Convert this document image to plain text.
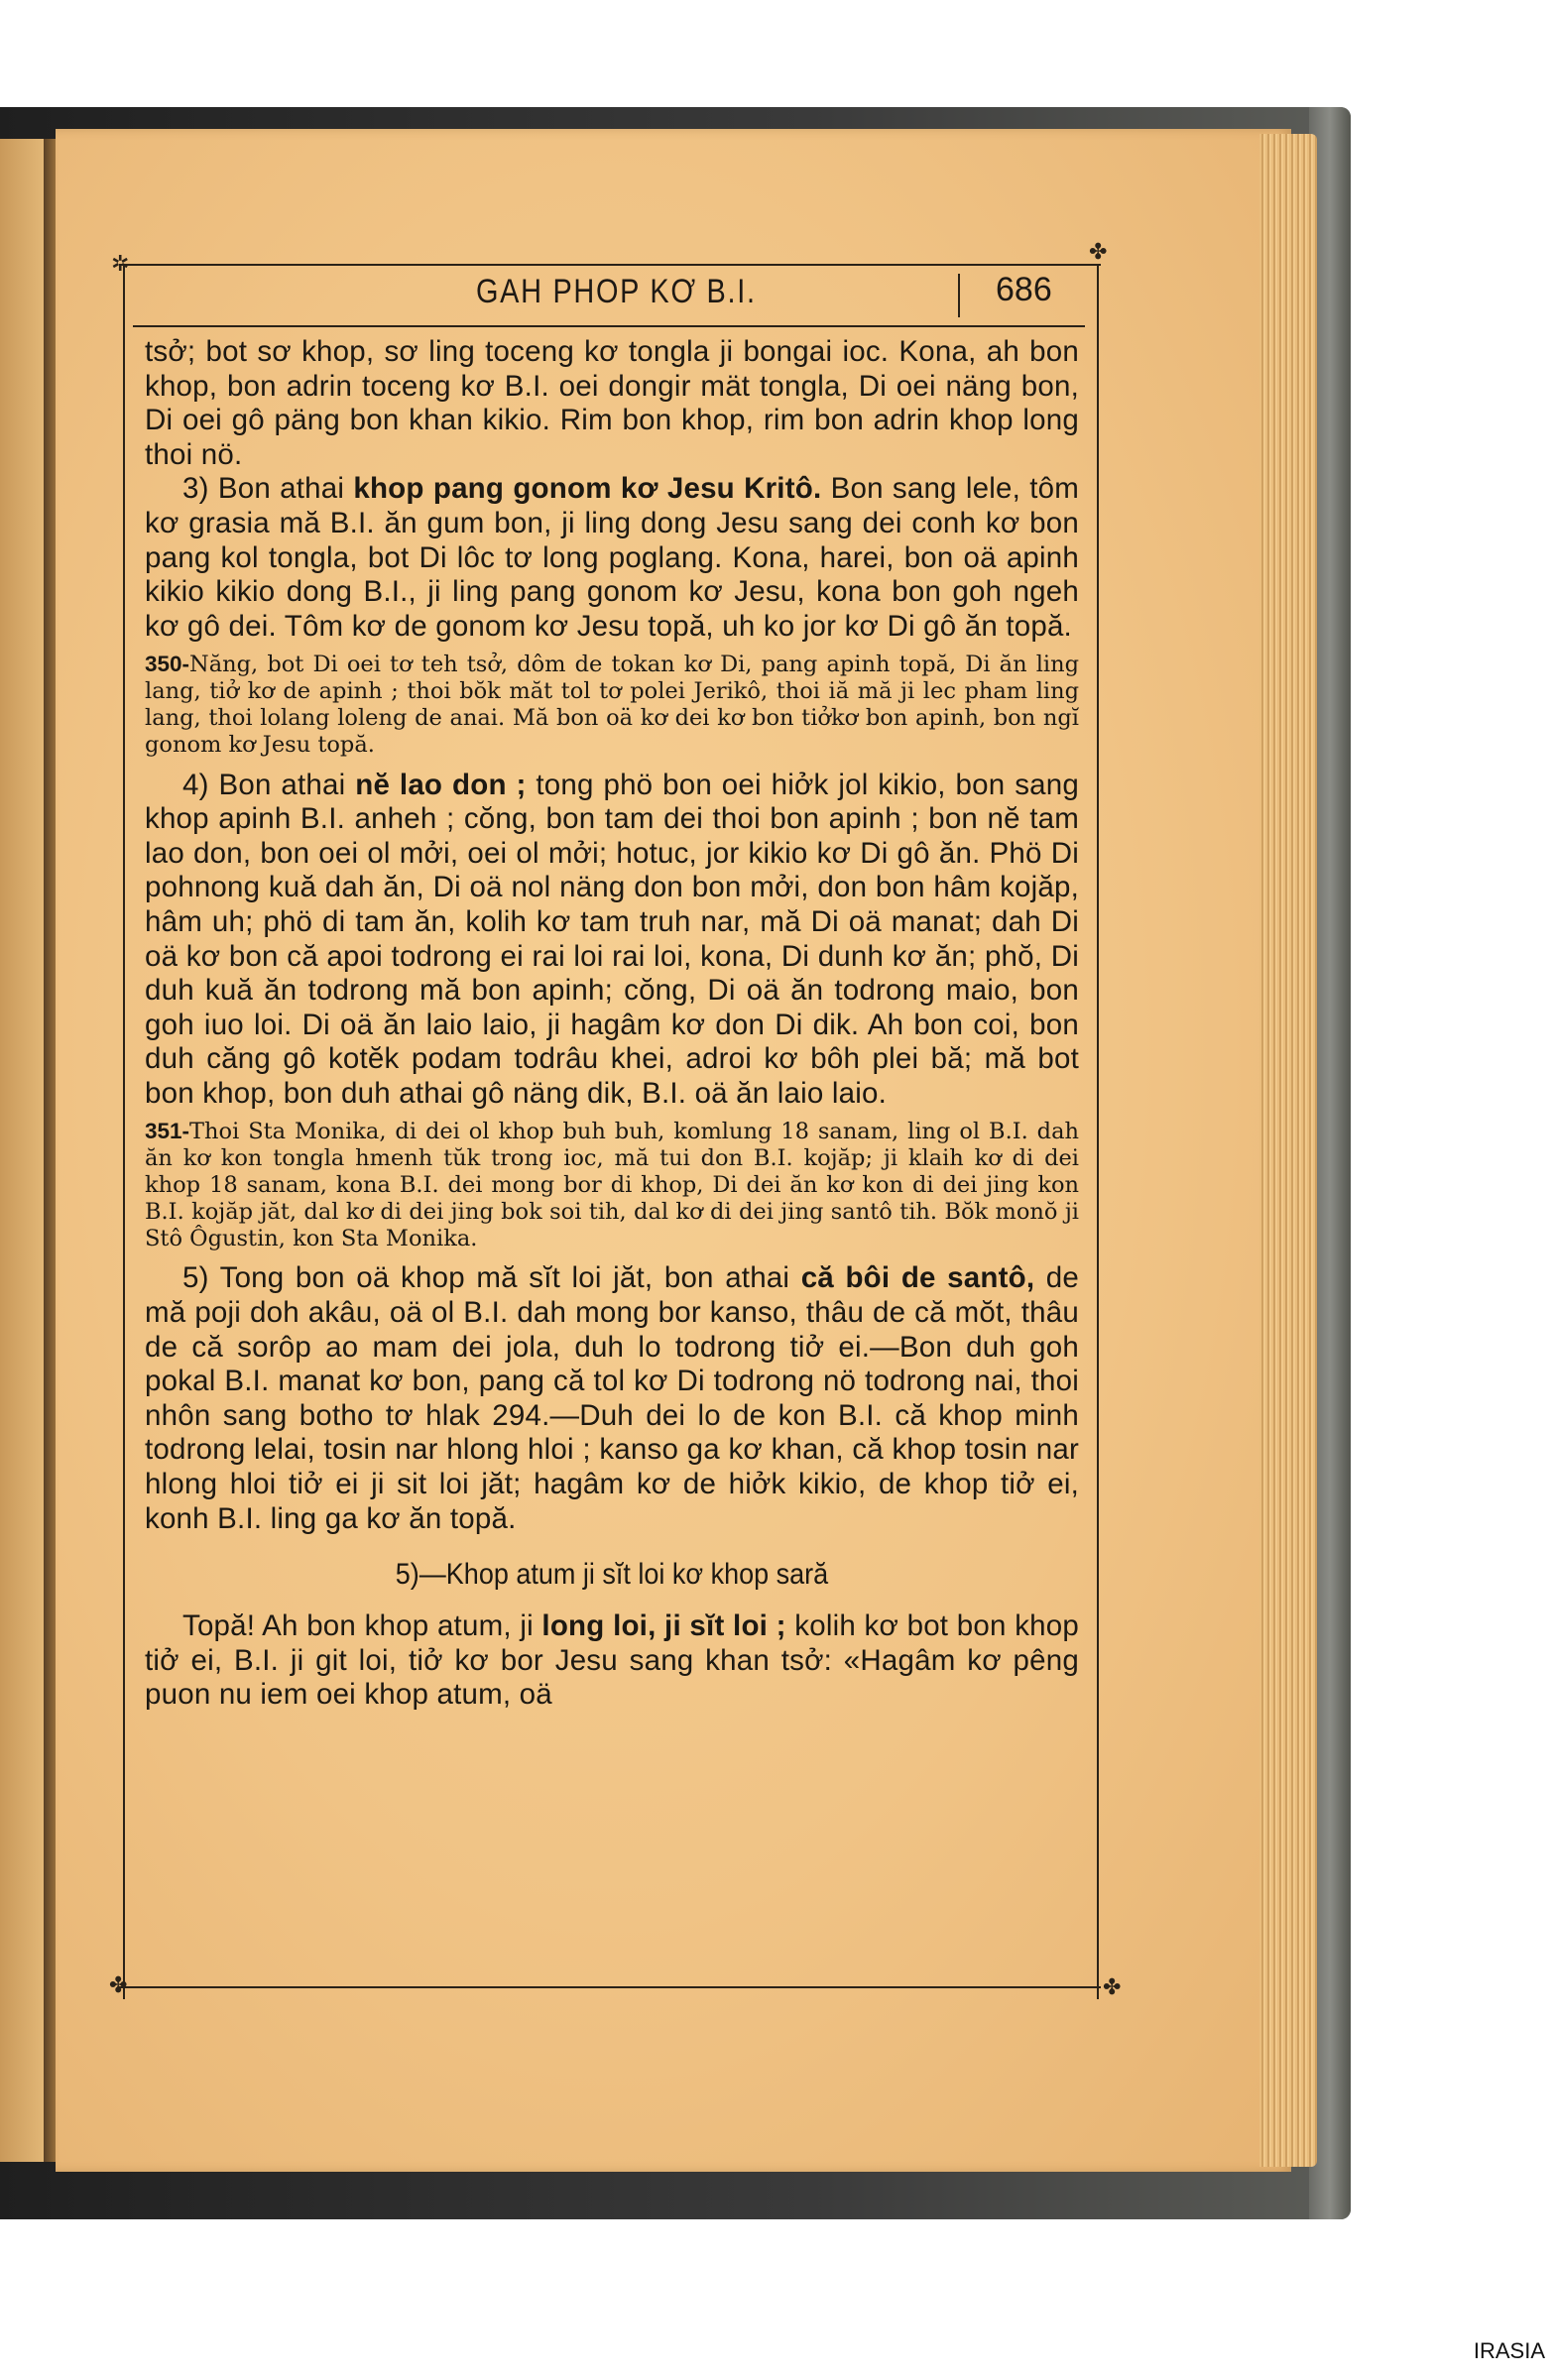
✲	✤
✤	✤
GAH PHOP KƠ B.I.	686

tsở; bot sơ khop, sơ ling toceng kơ tongla ji bongai ioc. Kona, ah bon khop, bon adrin toceng kơ B.I. oei dongir mät tongla, Di oei näng bon, Di oei gô päng bon khan kikio. Rim bon khop, rim bon adrin khop long thoi nö.

3) Bon athai khop pang gonom kơ Jesu Kritô. Bon sang lele, tôm kơ grasia mă B.I. ăn gum bon, ji ling dong Jesu sang dei conh kơ bon pang kol tongla, bot Di lôc tơ long poglang. Kona, harei, bon oä apinh kikio kikio dong B.I., ji ling pang gonom kơ Jesu, kona bon goh ngeh kơ gô dei. Tôm kơ de gonom kơ Jesu topă, uh ko jor kơ Di gô ăn topă.

350-Năng, bot Di oei tơ teh tsở, dôm de tokan kơ Di, pang apinh topă, Di ăn ling lang, tiở kơ de apinh ; thoi bŏk măt tol tơ polei Jerikô, thoi iă mă ji lec pham ling lang, thoi lolang loleng de anai. Mă bon oä kơ dei kơ bon tiởkơ bon apinh, bon ngĭ gonom kơ Jesu topă.

4) Bon athai nĕ lao don ; tong phö bon oei hiởk jol kikio, bon sang khop apinh B.I. anheh ; cŏng, bon tam dei thoi bon apinh ; bon nĕ tam lao don, bon oei ol mởi, oei ol mởi; hotuc, jor kikio kơ Di gô ăn. Phö Di pohnong kuă dah ăn, Di oä nol näng don bon mởi, don bon hâm kojăp, hâm uh; phö di tam ăn, kolih kơ tam truh nar, mă Di oä manat; dah Di oä kơ bon că apoi todrong ei rai loi rai loi, kona, Di dunh kơ ăn; phŏ, Di duh kuă ăn todrong mă bon apinh; cŏng, Di oä ăn todrong maio, bon goh iuo loi. Di oä ăn laio laio, ji hagâm kơ don Di dik. Ah bon coi, bon duh căng gô kotĕk podam todrâu khei, adroi kơ bôh plei bă; mă bot bon khop, bon duh athai gô näng dik, B.I. oä ăn laio laio.

351-Thoi Sta Monika, di dei ol khop buh buh, komlung 18 sanam, ling ol B.I. dah ăn kơ kon tongla hmenh tŭk trong ioc, mă tui don B.I. kojăp; ji klaih kơ di dei khop 18 sanam, kona B.I. dei mong bor di khop, Di dei ăn kơ kon di dei jing kon B.I. kojăp jăt, dal kơ di dei jing bok soi tih, dal kơ di dei jing santô tih. Bŏk monŏ ji Stô Ôgustin, kon Sta Monika.

5) Tong bon oä khop mă sĭt loi jăt, bon athai că bôi de santô, de mă poji doh akâu, oä ol B.I. dah mong bor kanso, thâu de că mŏt, thâu de că sorôp ao mam dei jola, duh lo todrong tiở ei.—Bon duh goh pokal B.I. manat kơ bon, pang că tol kơ Di todrong nö todrong nai, thoi nhôn sang botho tơ hlak 294.—Duh dei lo de kon B.I. că khop minh todrong lelai, tosin nar hlong hloi ; kanso ga kơ khan, că khop tosin nar hlong hloi tiở ei ji sit loi jăt; hagâm kơ de hiởk kikio, de khop tiở ei, konh B.I. ling ga kơ ăn topă.

5)—Khop atum ji sĭt loi kơ khop sară

Topă! Ah bon khop atum, ji long loi, ji sĭt loi ; kolih kơ bot bon khop tiở ei, B.I. ji git loi, tiở kơ bor Jesu sang khan tsở: «Hagâm kơ pêng puon nu iem oei khop atum, oä

IRASIA
